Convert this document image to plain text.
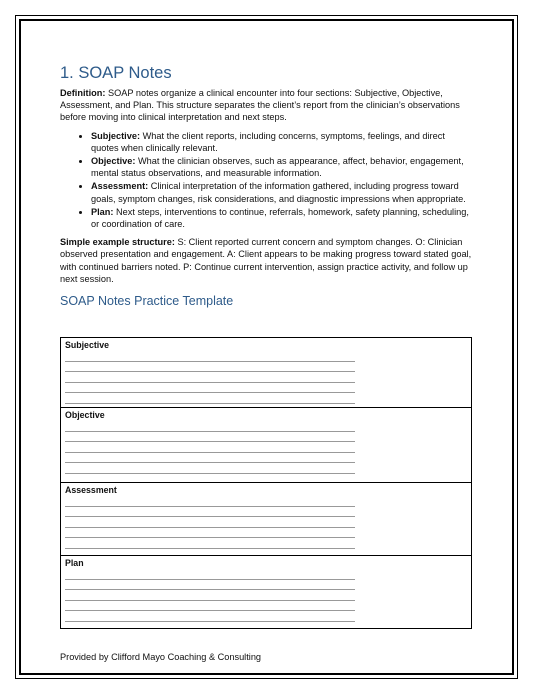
1. SOAP Notes

Definition: SOAP notes organize a clinical encounter into four sections: Subjective, Objective, Assessment, and Plan. This structure separates the client’s report from the clinician’s observations before moving into clinical interpretation and next steps.

• Subjective: What the client reports, including concerns, symptoms, feelings, and direct quotes when clinically relevant.
• Objective: What the clinician observes, such as appearance, affect, behavior, engagement, mental status observations, and measurable information.
• Assessment: Clinical interpretation of the information gathered, including progress toward goals, symptom changes, risk considerations, and diagnostic impressions when appropriate.
• Plan: Next steps, interventions to continue, referrals, homework, safety planning, scheduling, or coordination of care.

Simple example structure: S: Client reported current concern and symptom changes. O: Clinician observed presentation and engagement. A: Client appears to be making progress toward stated goal, with continued barriers noted. P: Continue current intervention, assign practice activity, and follow up next session.

SOAP Notes Practice Template
Subjective

Objective

Assessment

Plan
Provided by Clifford Mayo Coaching & Consulting
